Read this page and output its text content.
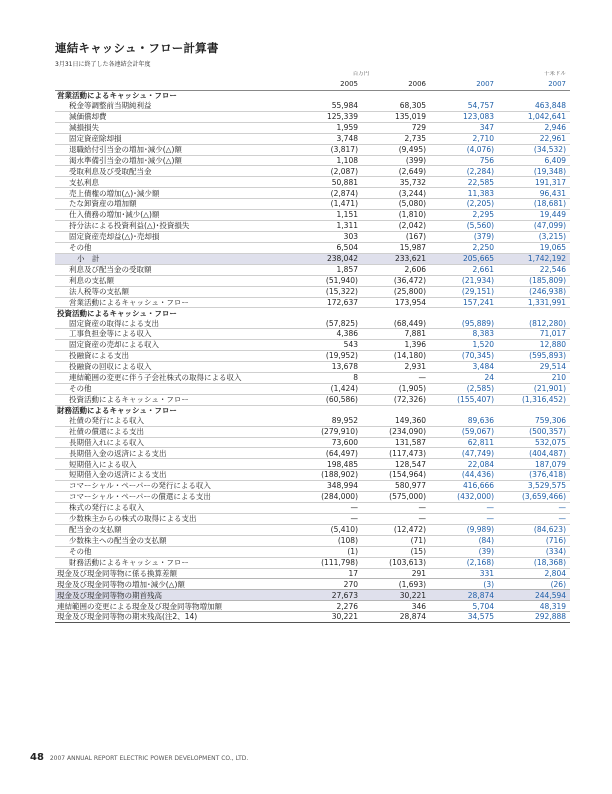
連結キャッシュ・フロー計算書
3月31日に終了した各連結会計年度
	百万円			千米ドル
	2005	2006	2007	2007
営業活動によるキャッシュ・フロー				
税金等調整前当期純利益	55,984	68,305	54,757	463,848
減価償却費	125,339	135,019	123,083	1,042,641
減損損失	1,959	729	347	2,946
固定資産除却損	3,748	2,735	2,710	22,961
退職給付引当金の増加･減少(△)額	(3,817)	(9,495)	(4,076)	(34,532)
渇水準備引当金の増加･減少(△)額	1,108	(399)	756	6,409
受取利息及び受取配当金	(2,087)	(2,649)	(2,284)	(19,348)
支払利息	50,881	35,732	22,585	191,317
売上債権の増加(△)･減少額	(2,874)	(3,244)	11,383	96,431
たな卸資産の増加額	(1,471)	(5,080)	(2,205)	(18,681)
仕入債務の増加･減少(△)額	1,151	(1,810)	2,295	19,449
持分法による投資利益(△)･投資損失	1,311	(2,042)	(5,560)	(47,099)
固定資産売却益(△)･売却損	303	(167)	(379)	(3,215)
その他	6,504	15,987	2,250	19,065
小　計	238,042	233,621	205,665	1,742,192
利息及び配当金の受取額	1,857	2,606	2,661	22,546
利息の支払額	(51,940)	(36,472)	(21,934)	(185,809)
法人税等の支払額	(15,322)	(25,800)	(29,151)	(246,938)
営業活動によるキャッシュ・フロー	172,637	173,954	157,241	1,331,991
投資活動によるキャッシュ・フロー				
固定資産の取得による支出	(57,825)	(68,449)	(95,889)	(812,280)
工事負担金等による収入	4,386	7,881	8,383	71,017
固定資産の売却による収入	543	1,396	1,520	12,880
投融資による支出	(19,952)	(14,180)	(70,345)	(595,893)
投融資の回収による収入	13,678	2,931	3,484	29,514
連結範囲の変更に伴う子会社株式の取得による収入	8	—	24	210
その他	(1,424)	(1,905)	(2,585)	(21,901)
投資活動によるキャッシュ・フロー	(60,586)	(72,326)	(155,407)	(1,316,452)
財務活動によるキャッシュ・フロー				
社債の発行による収入	89,952	149,360	89,636	759,306
社債の償還による支出	(279,910)	(234,090)	(59,067)	(500,357)
長期借入れによる収入	73,600	131,587	62,811	532,075
長期借入金の返済による支出	(64,497)	(117,473)	(47,749)	(404,487)
短期借入による収入	198,485	128,547	22,084	187,079
短期借入金の返済による支出	(188,902)	(154,964)	(44,436)	(376,418)
コマーシャル・ペーパーの発行による収入	348,994	580,977	416,666	3,529,575
コマーシャル・ペーパーの償還による支出	(284,000)	(575,000)	(432,000)	(3,659,466)
株式の発行による収入	—	—	—	—
少数株主からの株式の取得による支出	—	—	—	—
配当金の支払額	(5,410)	(12,472)	(9,989)	(84,623)
少数株主への配当金の支払額	(108)	(71)	(84)	(716)
その他	(1)	(15)	(39)	(334)
財務活動によるキャッシュ・フロー	(111,798)	(103,613)	(2,168)	(18,368)
現金及び現金同等物に係る換算差額	17	291	331	2,804
現金及び現金同等物の増加･減少(△)額	270	(1,693)	(3)	(26)
現金及び現金同等物の期首残高	27,673	30,221	28,874	244,594
連結範囲の変更による現金及び現金同等物増加額	2,276	346	5,704	48,319
現金及び現金同等物の期末残高(注2、14)	30,221	28,874	34,575	292,888
48 2007 ANNUAL REPORT ELECTRIC POWER DEVELOPMENT CO., LTD.
